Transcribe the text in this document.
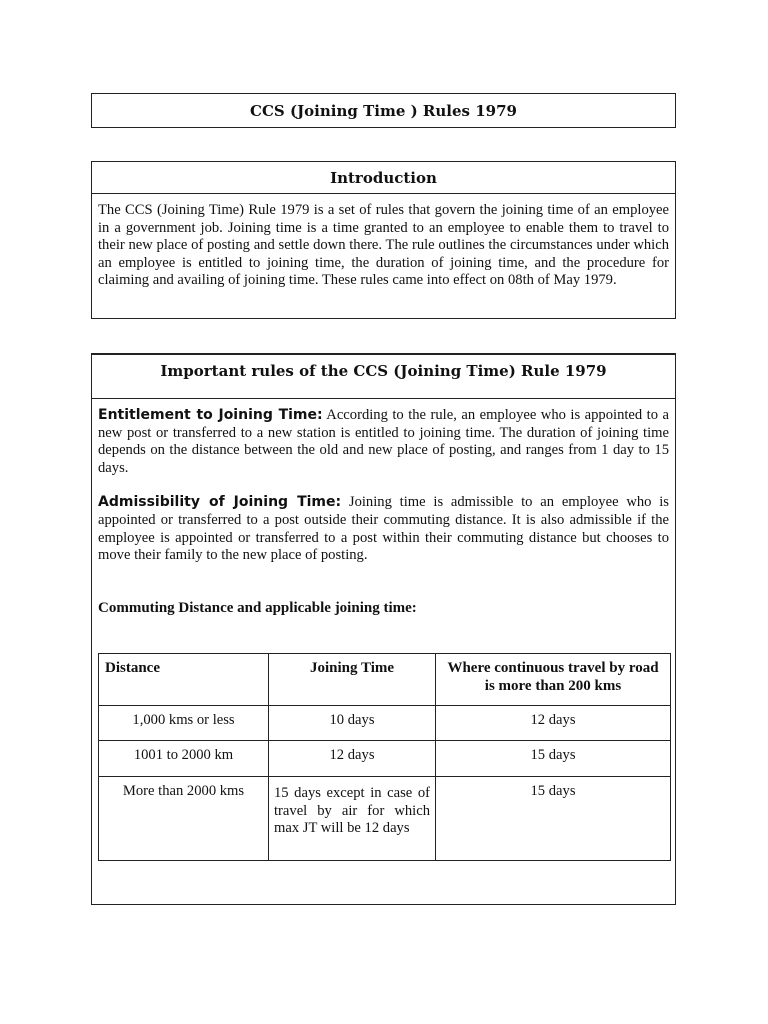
CCS (Joining Time ) Rules 1979
Introduction

The CCS (Joining Time) Rule 1979 is a set of rules that govern the joining time of an employee in a government job. Joining time is a time granted to an employee to enable them to travel to their new place of posting and settle down there. The rule outlines the circumstances under which an employee is entitled to joining time, the duration of joining time, and the procedure for claiming and availing of joining time. These rules came into effect on 08th of May 1979.

Important rules of the CCS (Joining Time) Rule 1979

Entitlement to Joining Time: According to the rule, an employee who is appointed to a new post or transferred to a new station is entitled to joining time. The duration of joining time depends on the distance between the old and new place of posting, and ranges from 1 day to 15 days.

Admissibility of Joining Time: Joining time is admissible to an employee who is appointed or transferred to a post outside their commuting distance. It is also admissible if the employee is appointed or transferred to a post within their commuting distance but chooses to move their family to the new place of posting.

Commuting Distance and applicable joining time:
Distance	Joining Time	Where continuous travel by road is more than 200 kms
1,000 kms or less	10 days	12 days
1001 to 2000 km	12 days	15 days
More than 2000 kms	15 days except in case of travel by air for which max JT will be 12 days	15 days
